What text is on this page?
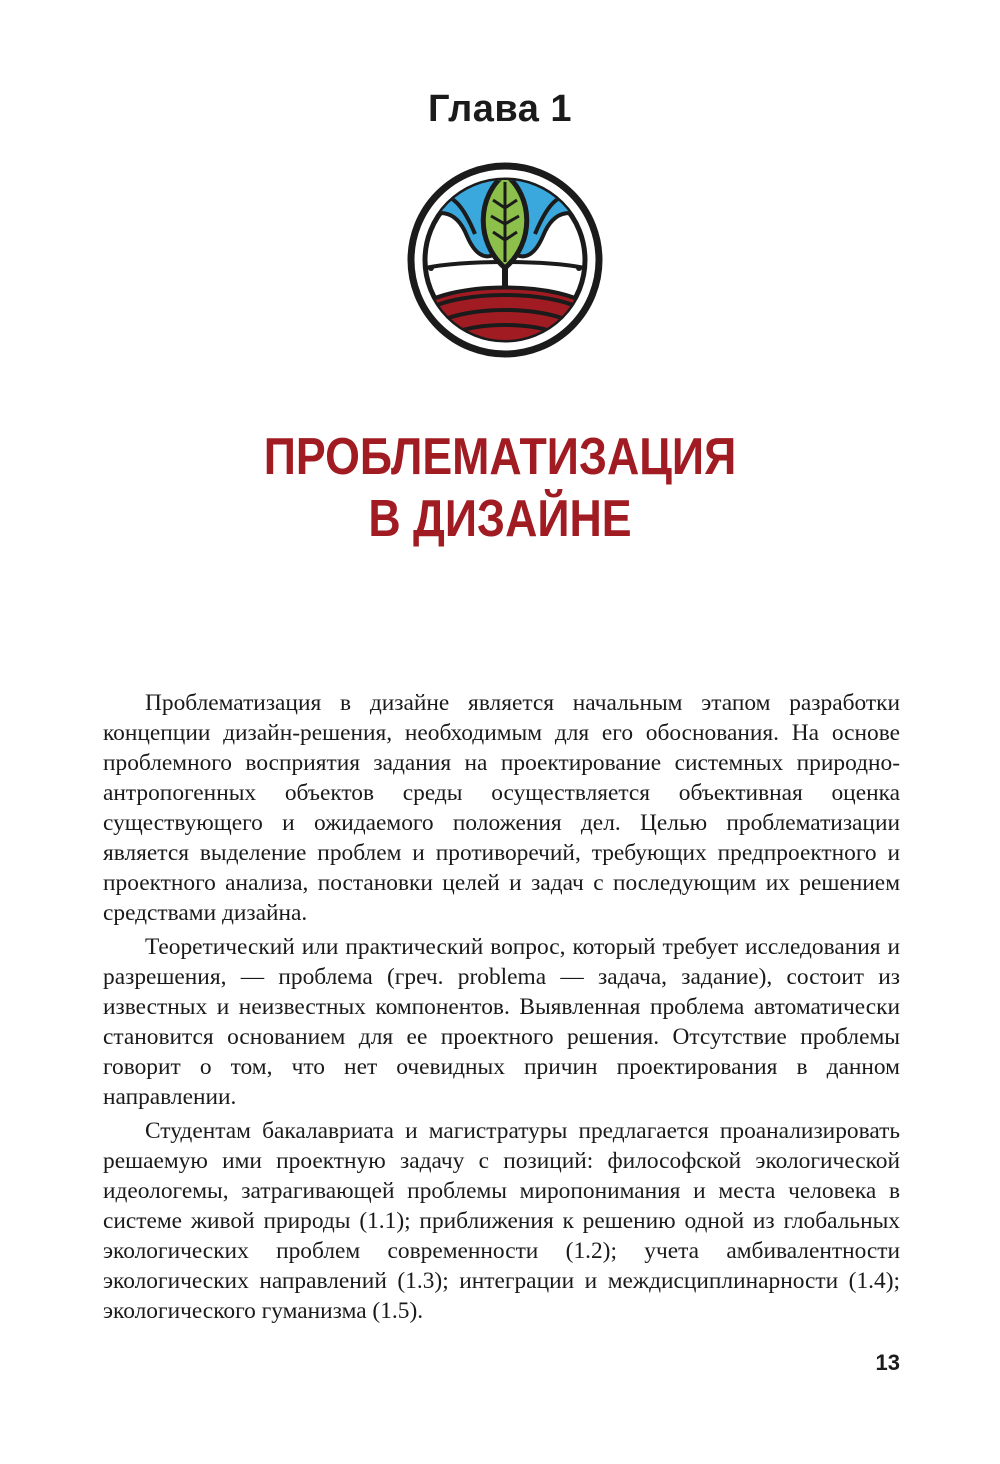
Глава 1
ПРОБЛЕМАТИЗАЦИЯ
В ДИЗАЙНЕ

Проблематизация в дизайне является начальным этапом разработки концепции дизайн-решения, необходимым для его обоснования. На основе проблемного восприятия задания на проектирование системных природно-антропогенных объектов среды осуществляется объективная оценка существующего и ожидаемого положения дел. Целью проблематизации является выделение проблем и противоречий, требующих предпроектного и проектного анализа, постановки целей и задач с последующим их решением средствами дизайна.

Теоретический или практический вопрос, который требует исследования и разрешения, — проблема (греч. problema — задача, задание), состоит из известных и неизвестных компонентов. Выявленная проблема автоматически становится основанием для ее проектного решения. Отсутствие проблемы говорит о том, что нет очевидных причин проектирования в данном направлении.

Студентам бакалавриата и магистратуры предлагается проанализировать решаемую ими проектную задачу с позиций: философской экологической идеологемы, затрагивающей проблемы миропонимания и места человека в системе живой природы (1.1); приближения к решению одной из глобальных экологических проблем современности (1.2); учета амбивалентности экологических направлений (1.3); интеграции и междисциплинарности (1.4); экологического гуманизма (1.5).

13
